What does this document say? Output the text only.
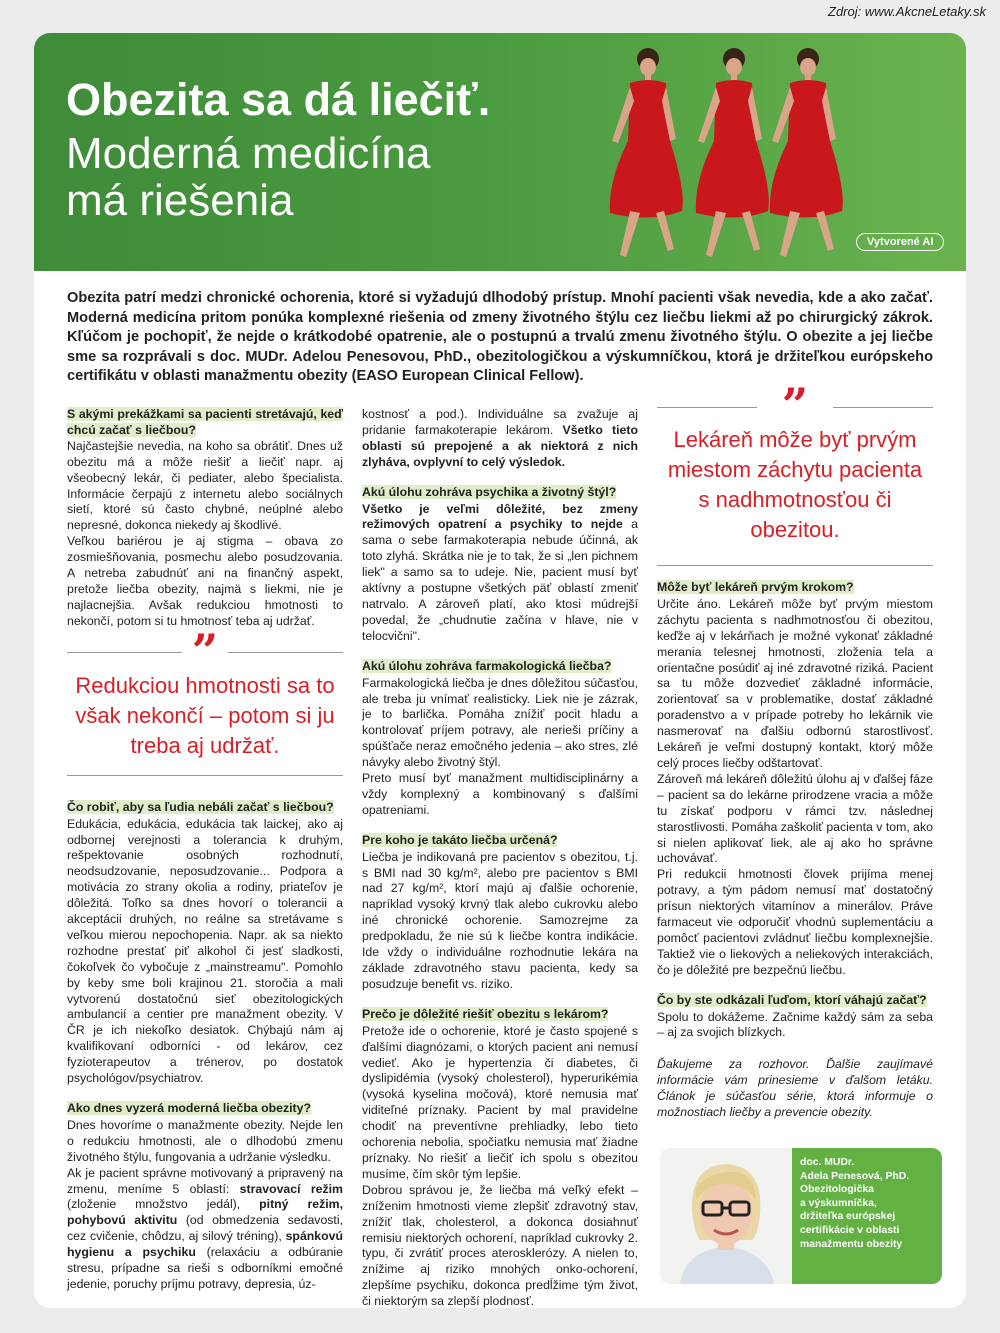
Zdroj: www.AkcneLetaky.sk
Obezita sa dá liečiť.
Moderná medicína
má riešenia
Vytvorené AI
Obezita patrí medzi chronické ochorenia, ktoré si vyžadujú dlhodobý prístup. Mnohí pacienti však nevedia, kde a ako začať. Moderná medicína pritom ponúka komplexné riešenia od zmeny životného štýlu cez liečbu liekmi až po chirurgický zákrok. Kľúčom je pochopiť, že nejde o krátkodobé opatrenie, ale o postupnú a trvalú zmenu životného štýlu. O obezite a jej liečbe sme sa rozprávali s doc. MUDr. Adelou Penesovou, PhD., obezitologičkou a výskumníčkou, ktorá je držiteľkou európskeho certifikátu v oblasti manažmentu obezity (EASO European Clinical Fellow).
S akými prekážkami sa pacienti stretávajú, keď chcú začať s liečbou?

Najčastejšie nevedia, na koho sa obrátiť. Dnes už obezitu má a môže riešiť a liečiť napr. aj všeobecný lekár, či pediater, alebo špecialista. Informácie čerpajú z internetu alebo sociálnych sietí, ktoré sú často chybné, neúplné alebo nepresné, dokonca niekedy aj škodlivé.

Veľkou bariérou je aj stigma – obava zo zosmiešňovania, posmechu alebo posudzovania. A netreba zabudnúť ani na finančný aspekt, pretože liečba obezity, najmä s liekmi, nie je najlacnejšia. Avšak redukciou hmotnosti to nekončí, potom si tu hmotnosť teba aj udržať.

”
Redukciou hmotnosti sa to však nekončí – potom si ju treba aj udržať.
Čo robiť, aby sa ľudia nebáli začať s liečbou?

Edukácia, edukácia, edukácia tak laickej, ako aj odbornej verejnosti a tolerancia k druhým, rešpektovanie osobných rozhodnutí, neodsudzovanie, neposudzovanie... Podpora a motivácia zo strany okolia a rodiny, priateľov je dôležitá. Toľko sa dnes hovorí o tolerancii a akceptácii druhých, no reálne sa stretávame s veľkou mierou nepochopenia. Napr. ak sa niekto rozhodne prestať piť alkohol či jesť sladkosti, čokoľvek čo vybočuje z „mainstreamu". Pomohlo by keby sme boli krajinou 21. storočia a mali vytvorenú dostatočnú sieť obezitologických ambulancií a centier pre manažment obezity. V ČR je ich niekoľko desiatok. Chýbajú nám aj kvalifikovaní odborníci - od lekárov, cez fyzioterapeutov a trénerov, po dostatok psychológov/psychiatrov.

Ako dnes vyzerá moderná liečba obezity?

Dnes hovoríme o manažmente obezity. Nejde len o redukciu hmotnosti, ale o dlhodobú zmenu životného štýlu, fungovania a udržanie výsledku.

Ak je pacient správne motivovaný a pripravený na zmenu, meníme 5 oblastí: stravovací režim (zloženie množstvo jedál), pitný režim, pohybovú aktivitu (od obmedzenia sedavosti, cez cvičenie, chôdzu, aj silový tréning), spánkovú hygienu a psychiku (relaxáciu a odbúranie stresu, prípadne sa rieši s odborníkmi emočné jedenie, poruchy príjmu potravy, depresia, úz-

kostnosť a pod.). Individuálne sa zvažuje aj pridanie farmakoterapie lekárom. Všetko tieto oblasti sú prepojené a ak niektorá z nich zlyháva, ovplyvní to celý výsledok.

Akú úlohu zohráva psychika a životný štýl?

Všetko je veľmi dôležité, bez zmeny režimových opatrení a psychiky to nejde a sama o sebe farmakoterapia nebude účinná, ak toto zlyhá. Skrátka nie je to tak, že si „len pichnem liek" a samo sa to udeje. Nie, pacient musí byť aktívny a postupne všetkých päť oblastí zmeniť natrvalo. A zároveň platí, ako ktosi múdrejší povedal, že „chudnutie začína v hlave, nie v telocvični".

Akú úlohu zohráva farmakologická liečba?

Farmakologická liečba je dnes dôležitou súčasťou, ale treba ju vnímať realisticky. Liek nie je zázrak, je to barlička. Pomáha znížiť pocit hladu a kontrolovať príjem potravy, ale nerieši príčiny a spúšťače neraz emočného jedenia – ako stres, zlé návyky alebo životný štýl.

Preto musí byť manažment multidisciplinárny a vždy komplexný a kombinovaný s ďalšími opatreniami.

Pre koho je takáto liečba určená?

Liečba je indikovaná pre pacientov s obezitou, t.j. s BMI nad 30 kg/m², alebo pre pacientov s BMI nad 27 kg/m², ktorí majú aj ďalšie ochorenie, napríklad vysoký krvný tlak alebo cukrovku alebo iné chronické ochorenie. Samozrejme za predpokladu, že nie sú k liečbe kontra indikácie. Ide vždy o individuálne rozhodnutie lekára na základe zdravotného stavu pacienta, kedy sa posudzuje benefit vs. riziko.

Prečo je dôležité riešiť obezitu s lekárom?

Pretože ide o ochorenie, ktoré je často spojené s ďalšími diagnózami, o ktorých pacient ani nemusí vedieť. Ako je hypertenzia či diabetes, či dyslipidémia (vysoký cholesterol), hyperurikémia (vysoká kyselina močová), ktoré nemusia mať viditeľné príznaky. Pacient by mal pravidelne chodiť na preventívne prehliadky, lebo tieto ochorenia nebolia, spočiatku nemusia mať žiadne príznaky. No riešiť a liečiť ich spolu s obezitou musíme, čím skôr tým lepšie.

Dobrou správou je, že liečba má veľký efekt – zníženim hmotnosti vieme zlepšiť zdravotný stav, znížiť tlak, cholesterol, a dokonca dosiahnuť remisiu niektorých ochorení, napríklad cukrovky 2. typu, či zvrátiť proces aterosklerózy. A nielen to, znížime aj riziko mnohých onko-ochorení, zlepšíme psychiku, dokonca predĺžime tým život, či niektorým sa zlepší plodnosť.

”
Lekáreň môže byť prvým miestom záchytu pacienta s nadhmotnosťou či obezitou.
Môže byť lekáreň prvým krokom?

Určite áno. Lekáreň môže byť prvým miestom záchytu pacienta s nadhmotnosťou či obezitou, keďže aj v lekárňach je možné vykonať základné merania telesnej hmotnosti, zloženia tela a orientačne posúdiť aj iné zdravotné riziká. Pacient sa tu môže dozvedieť základné informácie, zorientovať sa v problematike, dostať základné poradenstvo a v prípade potreby ho lekárnik vie nasmerovať na ďalšiu odbornú starostlivosť. Lekáreň je veľmi dostupný kontakt, ktorý môže celý proces liečby odštartovať.

Zároveň má lekáreň dôležitú úlohu aj v ďalšej fáze – pacient sa do lekárne prirodzene vracia a môže tu získať podporu v rámci tzv. následnej starostlivosti. Pomáha zaškoliť pacienta v tom, ako si nielen aplikovať liek, ale aj ako ho správne uchovávať.

Pri redukcii hmotnosti človek prijíma menej potravy, a tým pádom nemusí mať dostatočný prísun niektorých vitamínov a minerálov. Práve farmaceut vie odporučiť vhodnú suplementáciu a pomôcť pacientovi zvládnuť liečbu komplexnejšie. Taktiež vie o liekových a neliekových interakciách, čo je dôležité pre bezpečnú liečbu.

Čo by ste odkázali ľuďom, ktorí váhajú začať?

Spolu to dokážeme. Začnime každý sám za seba – aj za svojich blízkych.

Ďakujeme za rozhovor. Ďalšie zaujímavé informácie vám prinesieme v ďalšom letáku. Článok je súčasťou série, ktorá informuje o možnostiach liečby a prevencie obezity.

doc. MUDr.
Adela Penesová, PhD.
Obezitologička
a výskumníčka,
držiteľka európskej
certifikácie v oblasti
manažmentu obezity
